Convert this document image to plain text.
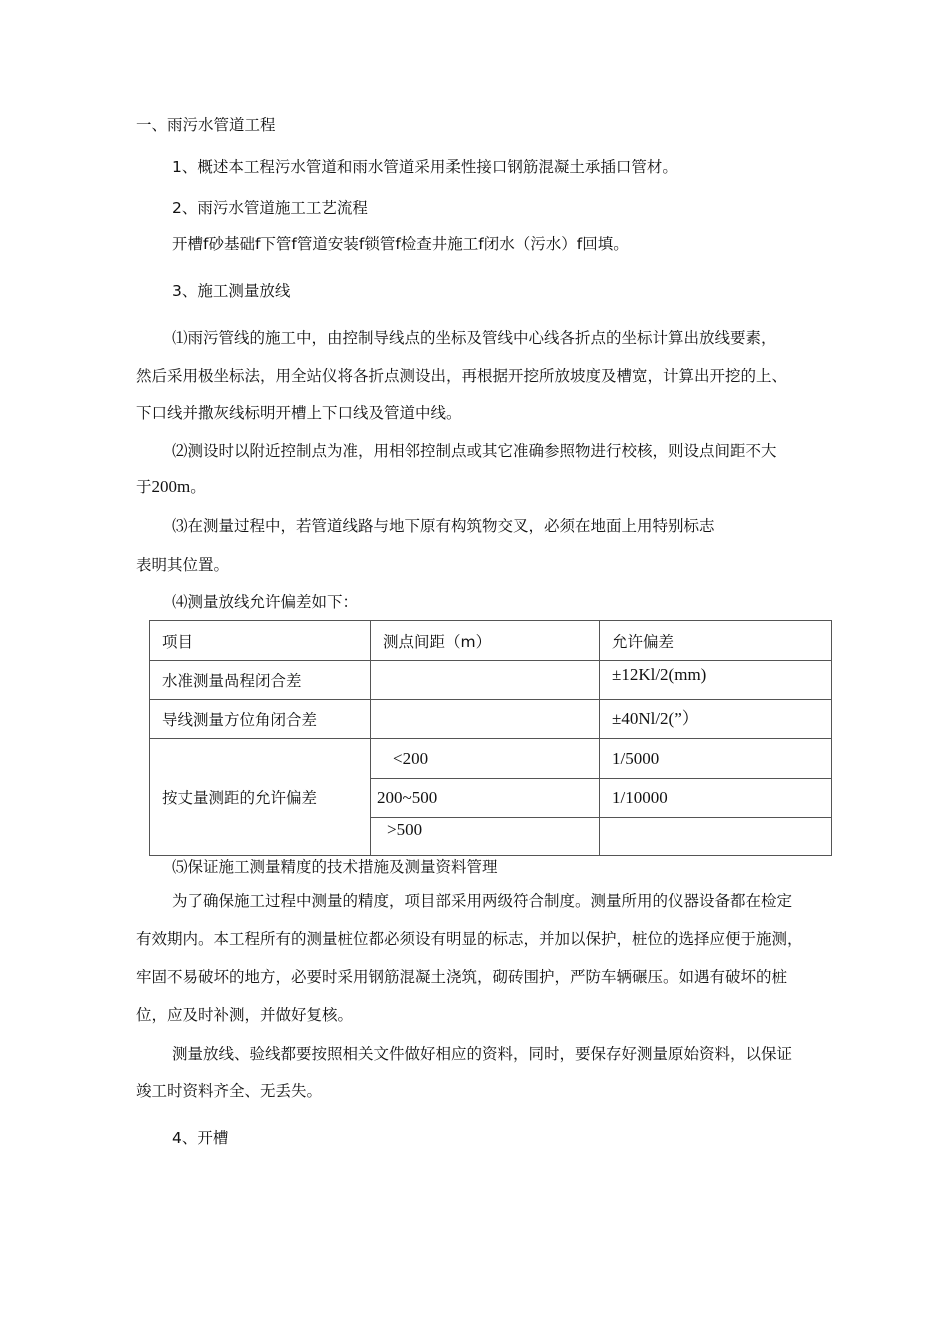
一、雨污水管道工程
1、概述本工程污水管道和雨水管道采用柔性接口钢筋混凝土承插口管材。
2、雨污水管道施工工艺流程
开槽f砂基础f下管f管道安装f锁管f检查井施工f闭水（污水）f回填。
3、施工测量放线
⑴雨污管线的施工中，由控制导线点的坐标及管线中心线各折点的坐标计算出放线要素，
然后采用极坐标法，用全站仪将各折点测设出，再根据开挖所放坡度及槽宽，计算出开挖的上、
下口线并撒灰线标明开槽上下口线及管道中线。
⑵测设时以附近控制点为准，用相邻控制点或其它准确参照物进行校核，则设点间距不大
于200m。
⑶在测量过程中，若管道线路与地下原有构筑物交叉，必须在地面上用特别标志
表明其位置。
⑷测量放线允许偏差如下：
项目	测点间距（m）	允许偏差
水准测量咼程闭合差		±12Kl/2(mm)
导线测量方位角闭合差		±40Nl/2(”）
按丈量测距的允许偏差	<200	1/5000
	200~500	1/10000
	>500	
⑸保证施工测量精度的技术措施及测量资料管理
为了确保施工过程中测量的精度，项目部采用两级符合制度。测量所用的仪器设备都在检定
有效期内。本工程所有的测量桩位都必须设有明显的标志，并加以保护，桩位的选择应便于施测，
牢固不易破坏的地方，必要时采用钢筋混凝土浇筑，砌砖围护，严防车辆碾压。如遇有破坏的桩
位，应及时补测，并做好复核。
测量放线、验线都要按照相关文件做好相应的资料，同时，要保存好测量原始资料，以保证
竣工时资料齐全、无丢失。
4、开槽
